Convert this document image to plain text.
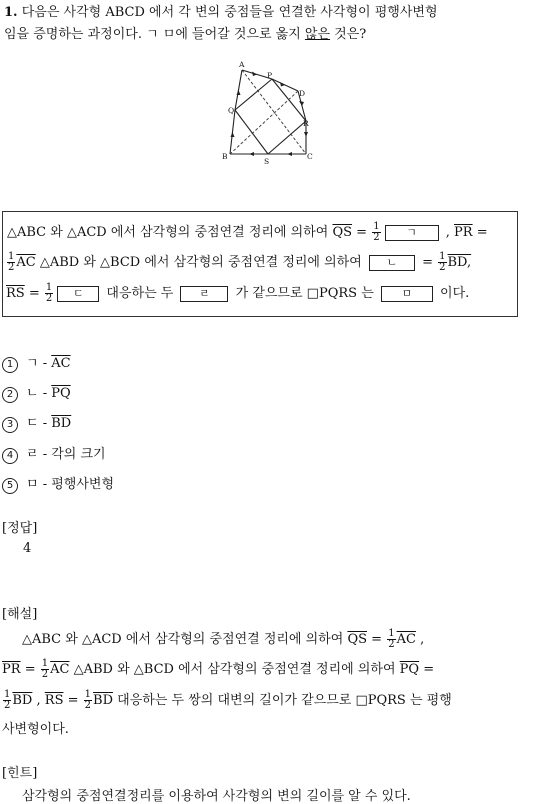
1. 다음은 사각형 ABCD 에서 각 변의 중점들을 연결한 사각형이 평행사변형
임을 증명하는 과정이다. ㄱ ㅁ에 들어갈 것으로 옳지 않은 것은?
A
P
D
Q
R
B
S
C
△ABC 와 △ACD 에서 삼각형의 중점연결 정리에 의하여 $\overline{QS} = \frac{1}{2}$ ㄱ , $\overline{PR}$ =
$\frac{1}{2} \overline{AC}$ △ABD 와 △BCD 에서 삼각형의 중점연결 정리에 의하여 ㄴ = $\frac{1}{2}$ BD,
$\overline{RS} = \frac{1}{2}$ ㄷ 대응하는 두 ㄹ 가 같으므로 □PQRS 는	ㅁ 이다.
1 ㄱ - $\overline{AC}$
2 ㄴ - $\overline{PQ}$
3 ㄷ - $\overline{BD}$
4 ㄹ - 각의 크기
5 ㅁ - 평행사변형
[정답]
4
[해설]
△ABC 와 △ACD 에서 삼각형의 중점연결 정리에 의하여 $\overline{QS} = \frac{1}{2} \overline{AC}$ ,
$\overline{PR} = \frac{1}{2} \overline{AC}$ △ABD 와 △BCD 에서 삼각형의 중점연결 정리에 의하여 $\overline{PQ}$ =
$\frac{1}{2} \overline{BD}$ , $\overline{RS} = \frac{1}{2} \overline{BD}$ 대응하는 두 쌍의 대변의 길이가 같으므로 □PQRS 는 평행
사변형이다.
[힌트]
삼각형의 중점연결정리를 이용하여 사각형의 변의 길이를 알 수 있다.
